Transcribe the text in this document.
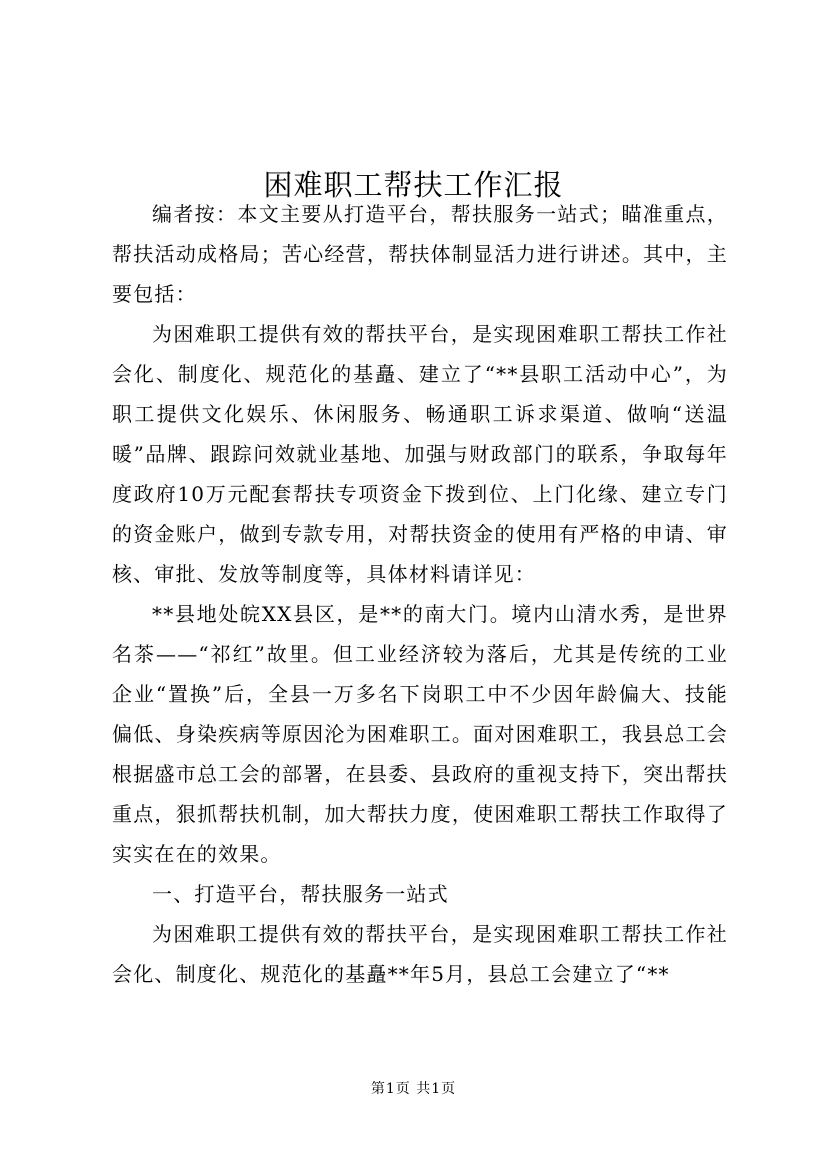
困难职工帮扶工作汇报

编者按：本文主要从打造平台，帮扶服务一站式；瞄准重点，帮扶活动成格局；苦心经营，帮扶体制显活力进行讲述。其中，主要包括：

为困难职工提供有效的帮扶平台，是实现困难职工帮扶工作社会化、制度化、规范化的基矗、建立了“**县职工活动中心”，为职工提供文化娱乐、休闲服务、畅通职工诉求渠道、做响“送温暖”品牌、跟踪问效就业基地、加强与财政部门的联系，争取每年度政府10万元配套帮扶专项资金下拨到位、上门化缘、建立专门的资金账户，做到专款专用，对帮扶资金的使用有严格的申请、审核、审批、发放等制度等，具体材料请详见：

**县地处皖XX县区，是**的南大门。境内山清水秀，是世界名茶——“祁红”故里。但工业经济较为落后，尤其是传统的工业企业“置换”后，全县一万多名下岗职工中不少因年龄偏大、技能偏低、身染疾病等原因沦为困难职工。面对困难职工，我县总工会根据盛市总工会的部署，在县委、县政府的重视支持下，突出帮扶重点，狠抓帮扶机制，加大帮扶力度，使困难职工帮扶工作取得了实实在在的效果。

一、打造平台，帮扶服务一站式

为困难职工提供有效的帮扶平台，是实现困难职工帮扶工作社会化、制度化、规范化的基矗**年5月，县总工会建立了“**

第1页 共1页
